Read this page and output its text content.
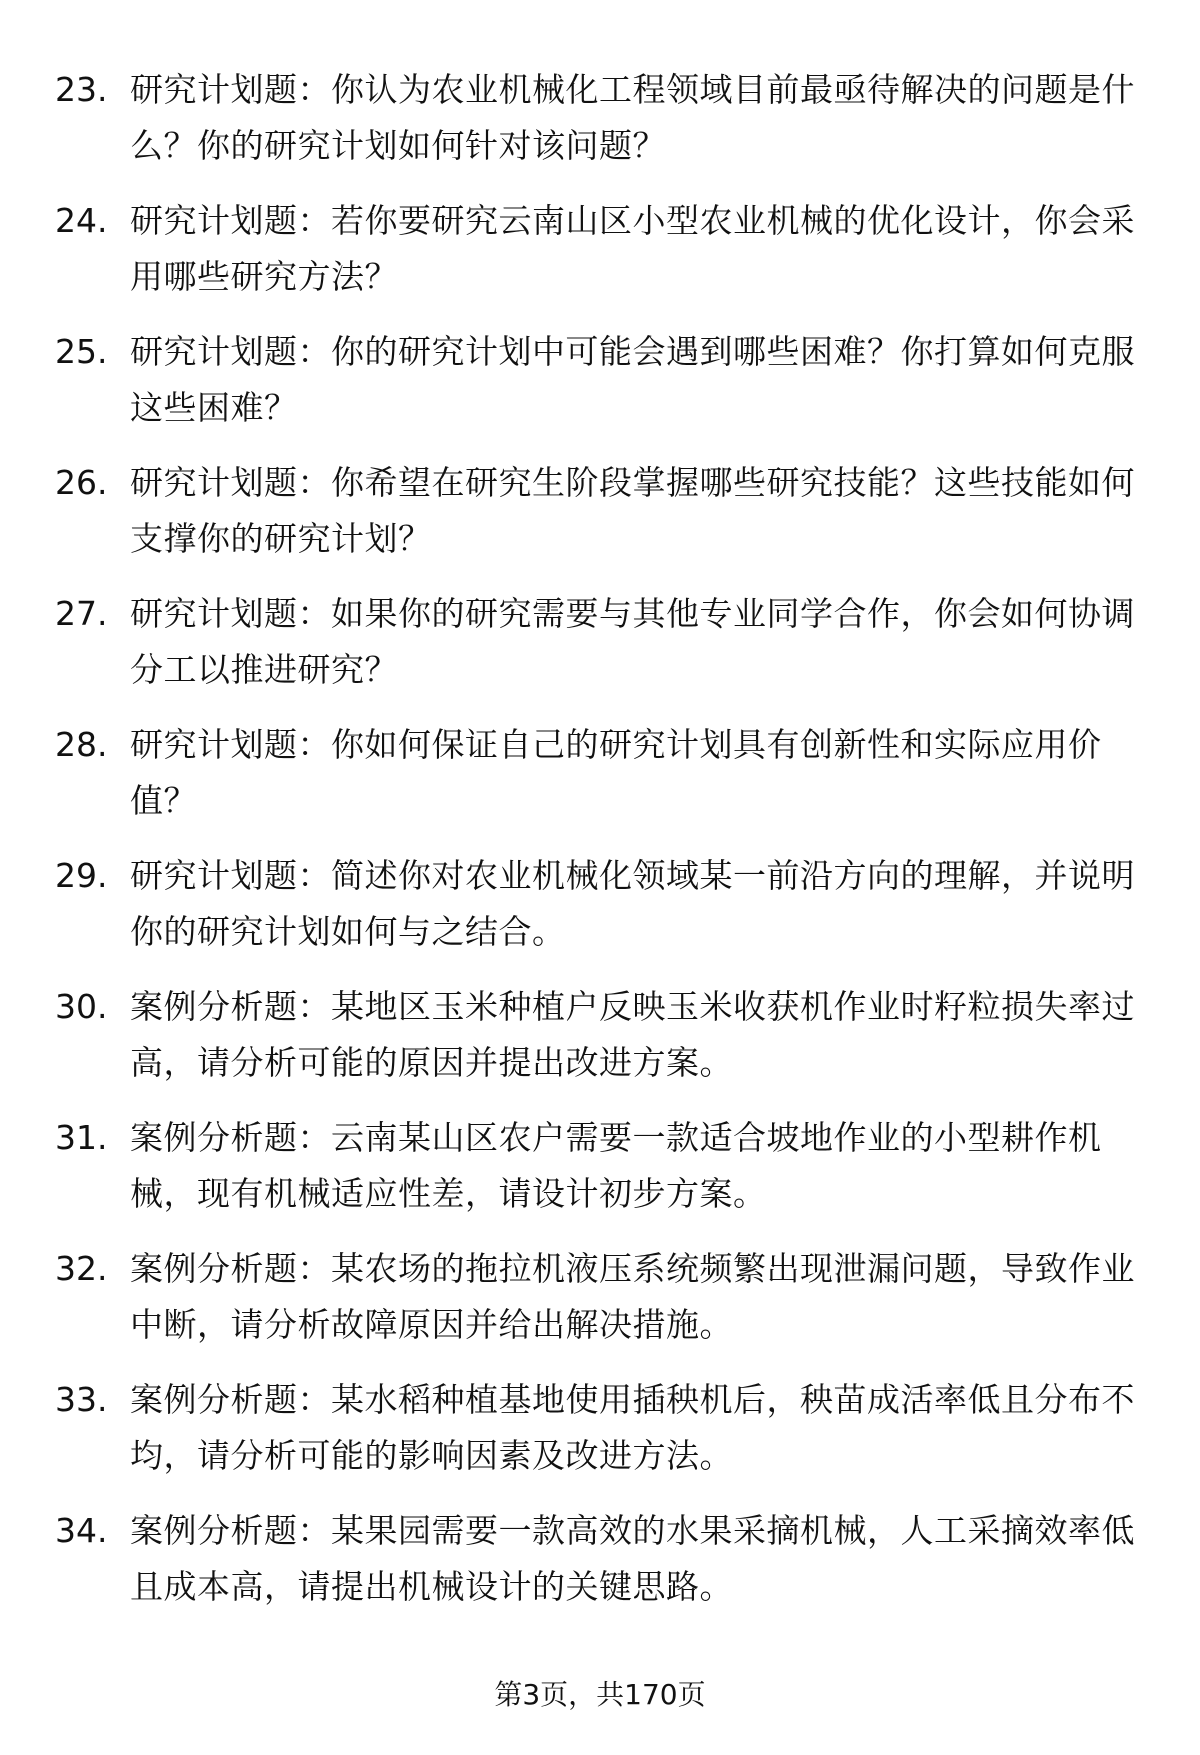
23. 研究计划题：你认为农业机械化工程领域目前最亟待解决的问题是什么？你的研究计划如何针对该问题？
24. 研究计划题：若你要研究云南山区小型农业机械的优化设计，你会采用哪些研究方法？
25. 研究计划题：你的研究计划中可能会遇到哪些困难？你打算如何克服这些困难？
26. 研究计划题：你希望在研究生阶段掌握哪些研究技能？这些技能如何支撑你的研究计划？
27. 研究计划题：如果你的研究需要与其他专业同学合作，你会如何协调分工以推进研究？
28. 研究计划题：你如何保证自己的研究计划具有创新性和实际应用价值？
29. 研究计划题：简述你对农业机械化领域某一前沿方向的理解，并说明你的研究计划如何与之结合。
30. 案例分析题：某地区玉米种植户反映玉米收获机作业时籽粒损失率过高，请分析可能的原因并提出改进方案。
31. 案例分析题：云南某山区农户需要一款适合坡地作业的小型耕作机械，现有机械适应性差，请设计初步方案。
32. 案例分析题：某农场的拖拉机液压系统频繁出现泄漏问题，导致作业中断，请分析故障原因并给出解决措施。
33. 案例分析题：某水稻种植基地使用插秧机后，秧苗成活率低且分布不均，请分析可能的影响因素及改进方法。
34. 案例分析题：某果园需要一款高效的水果采摘机械，人工采摘效率低且成本高，请提出机械设计的关键思路。
第3页，共170页
